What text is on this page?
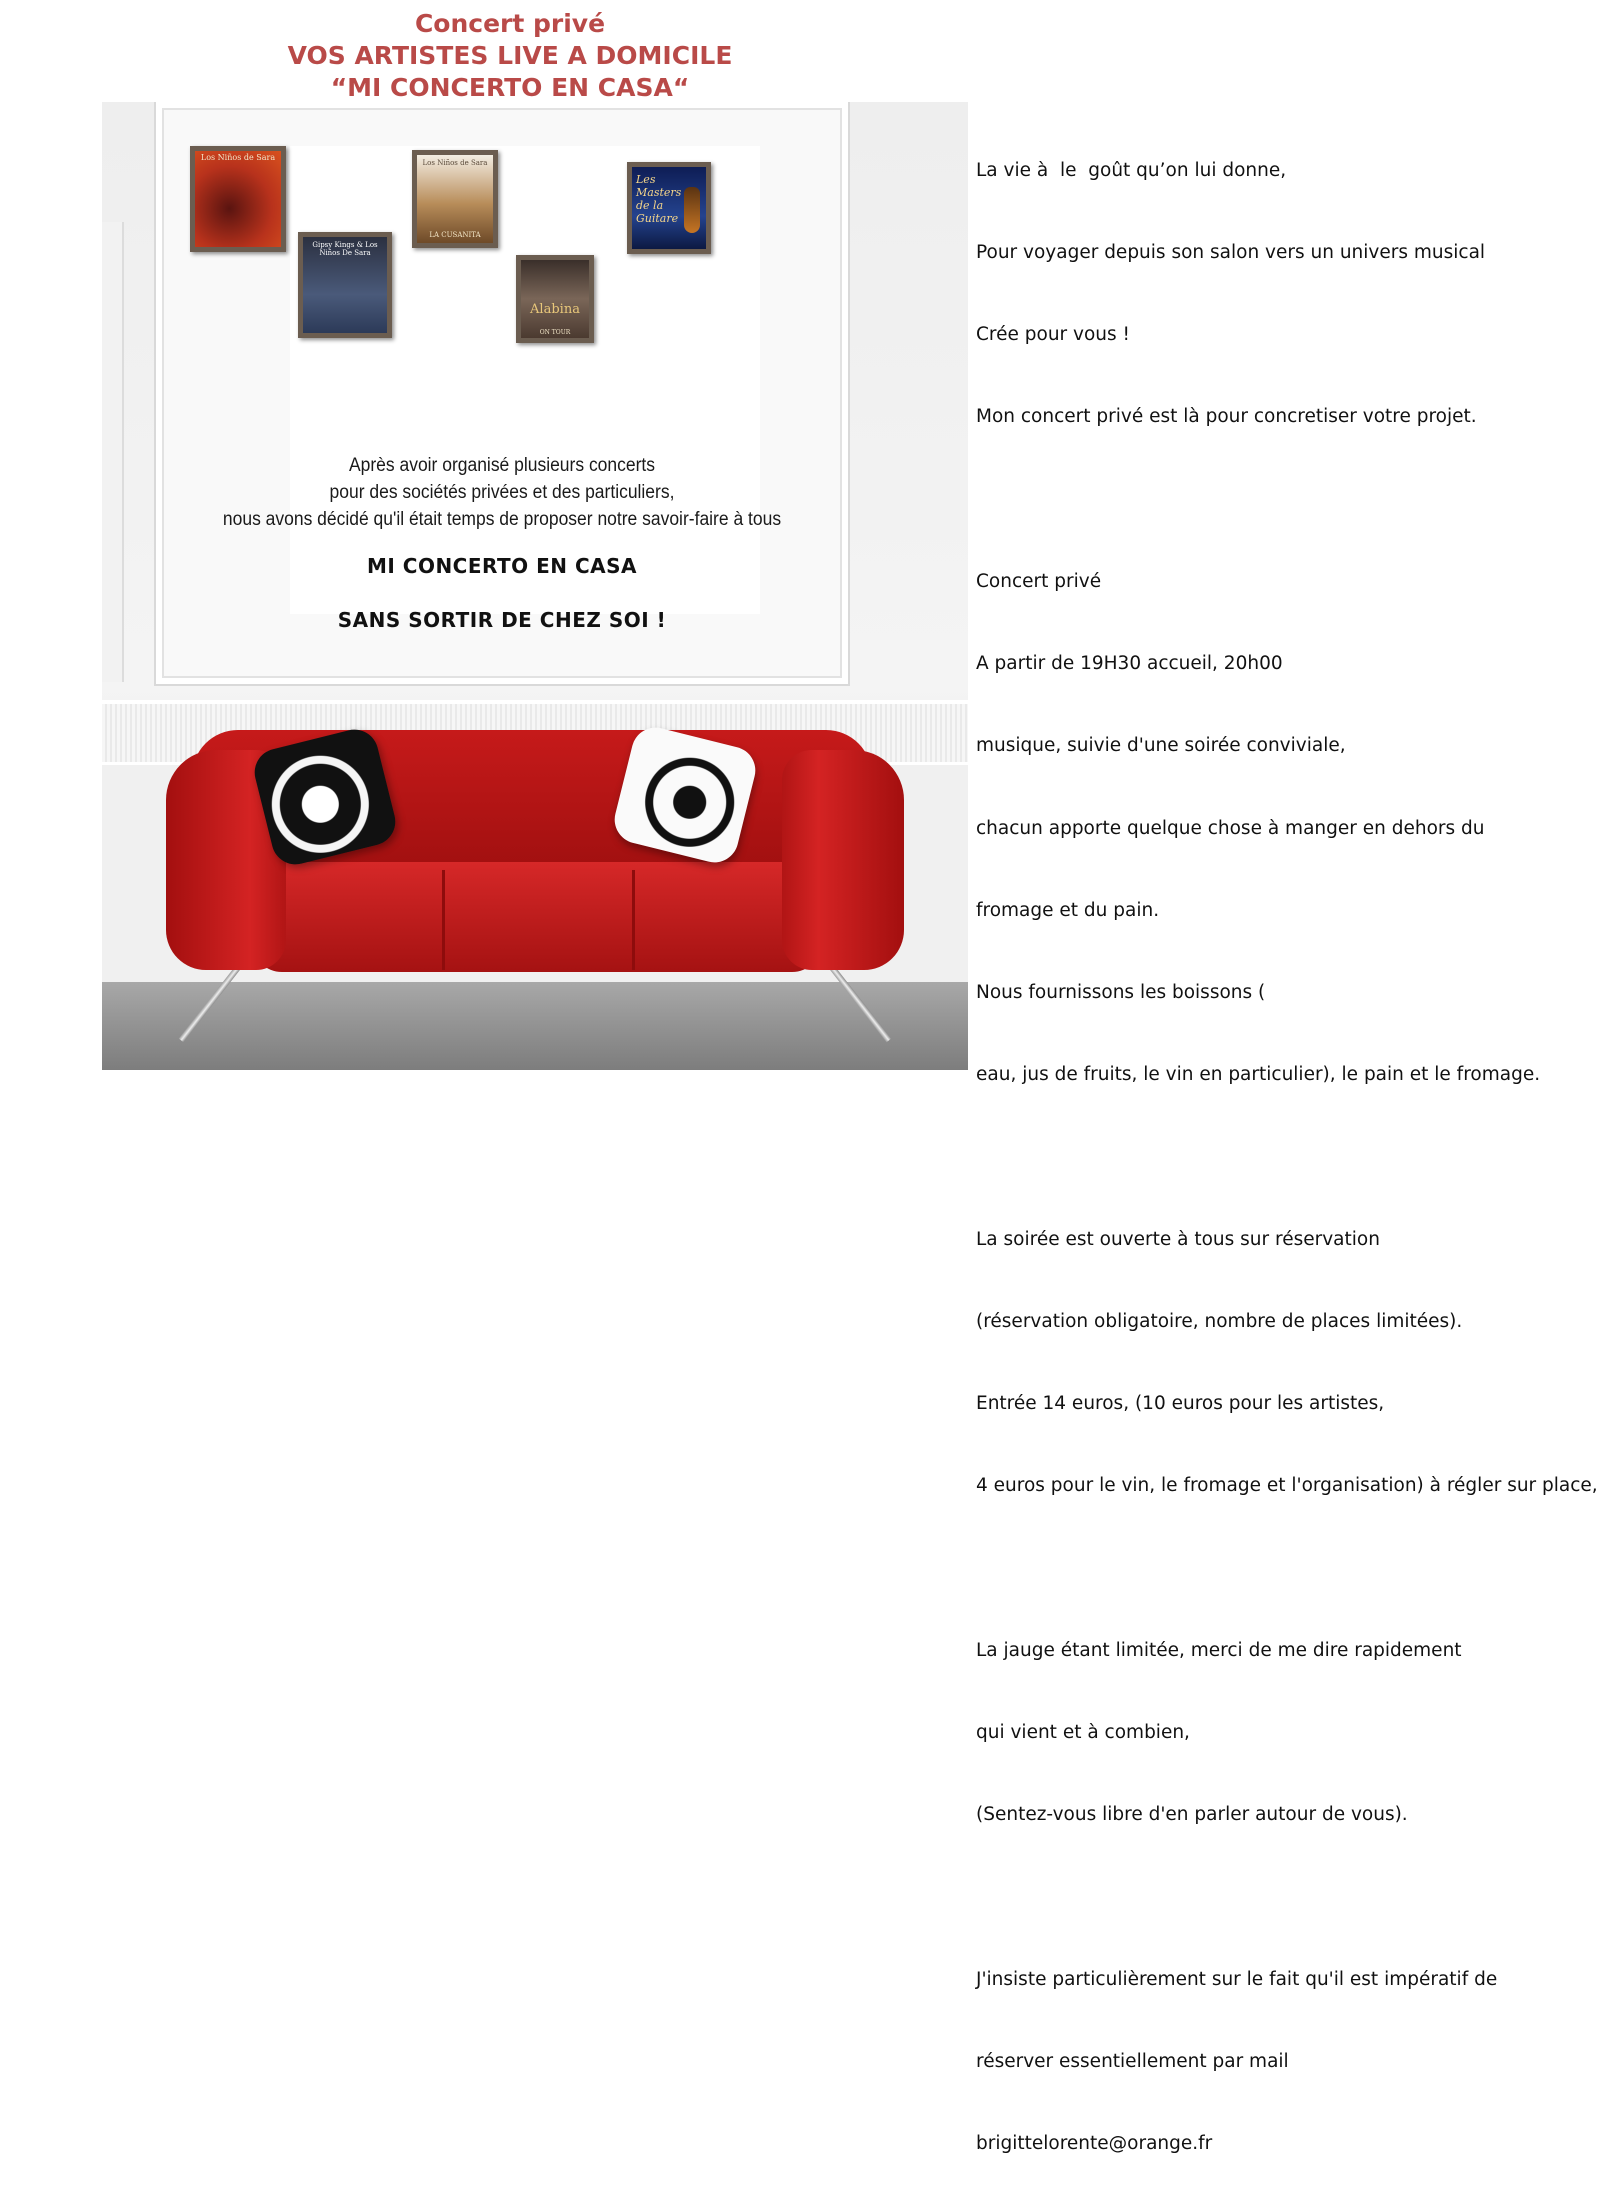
Concert privé
VOS ARTISTES LIVE A DOMICILE
“MI CONCERTO EN CASA“
Los Niños de Sara
Gipsy Kings & Los Niños De Sara
Los Niños de Sara
LA CUSANITA
Alabina
ON TOUR
Les Masters de la Guitare
Après avoir organisé plusieurs concerts
pour des sociétés privées et des particuliers,
nous avons décidé qu'il était temps de proposer notre savoir-faire à tous
MI CONCERTO EN CASA
SANS SORTIR DE CHEZ SOI !

La vie à  le  goût qu’on lui donne,

Pour voyager depuis son salon vers un univers musical

Crée pour vous !

Mon concert privé est là pour concretiser votre projet.

Concert privé

A partir de 19H30 accueil, 20h00

musique, suivie d'une soirée conviviale,

chacun apporte quelque chose à manger en dehors du

fromage et du pain.

Nous fournissons les boissons (

eau, jus de fruits, le vin en particulier), le pain et le fromage.

La soirée est ouverte à tous sur réservation

(réservation obligatoire, nombre de places limitées).

Entrée 14 euros, (10 euros pour les artistes,

4 euros pour le vin, le fromage et l'organisation) à régler sur place,

La jauge étant limitée, merci de me dire rapidement

qui vient et à combien,

(Sentez-vous libre d'en parler autour de vous).

J'insiste particulièrement sur le fait qu'il est impératif de

réserver essentiellement par mail

brigittelorente@orange.fr
